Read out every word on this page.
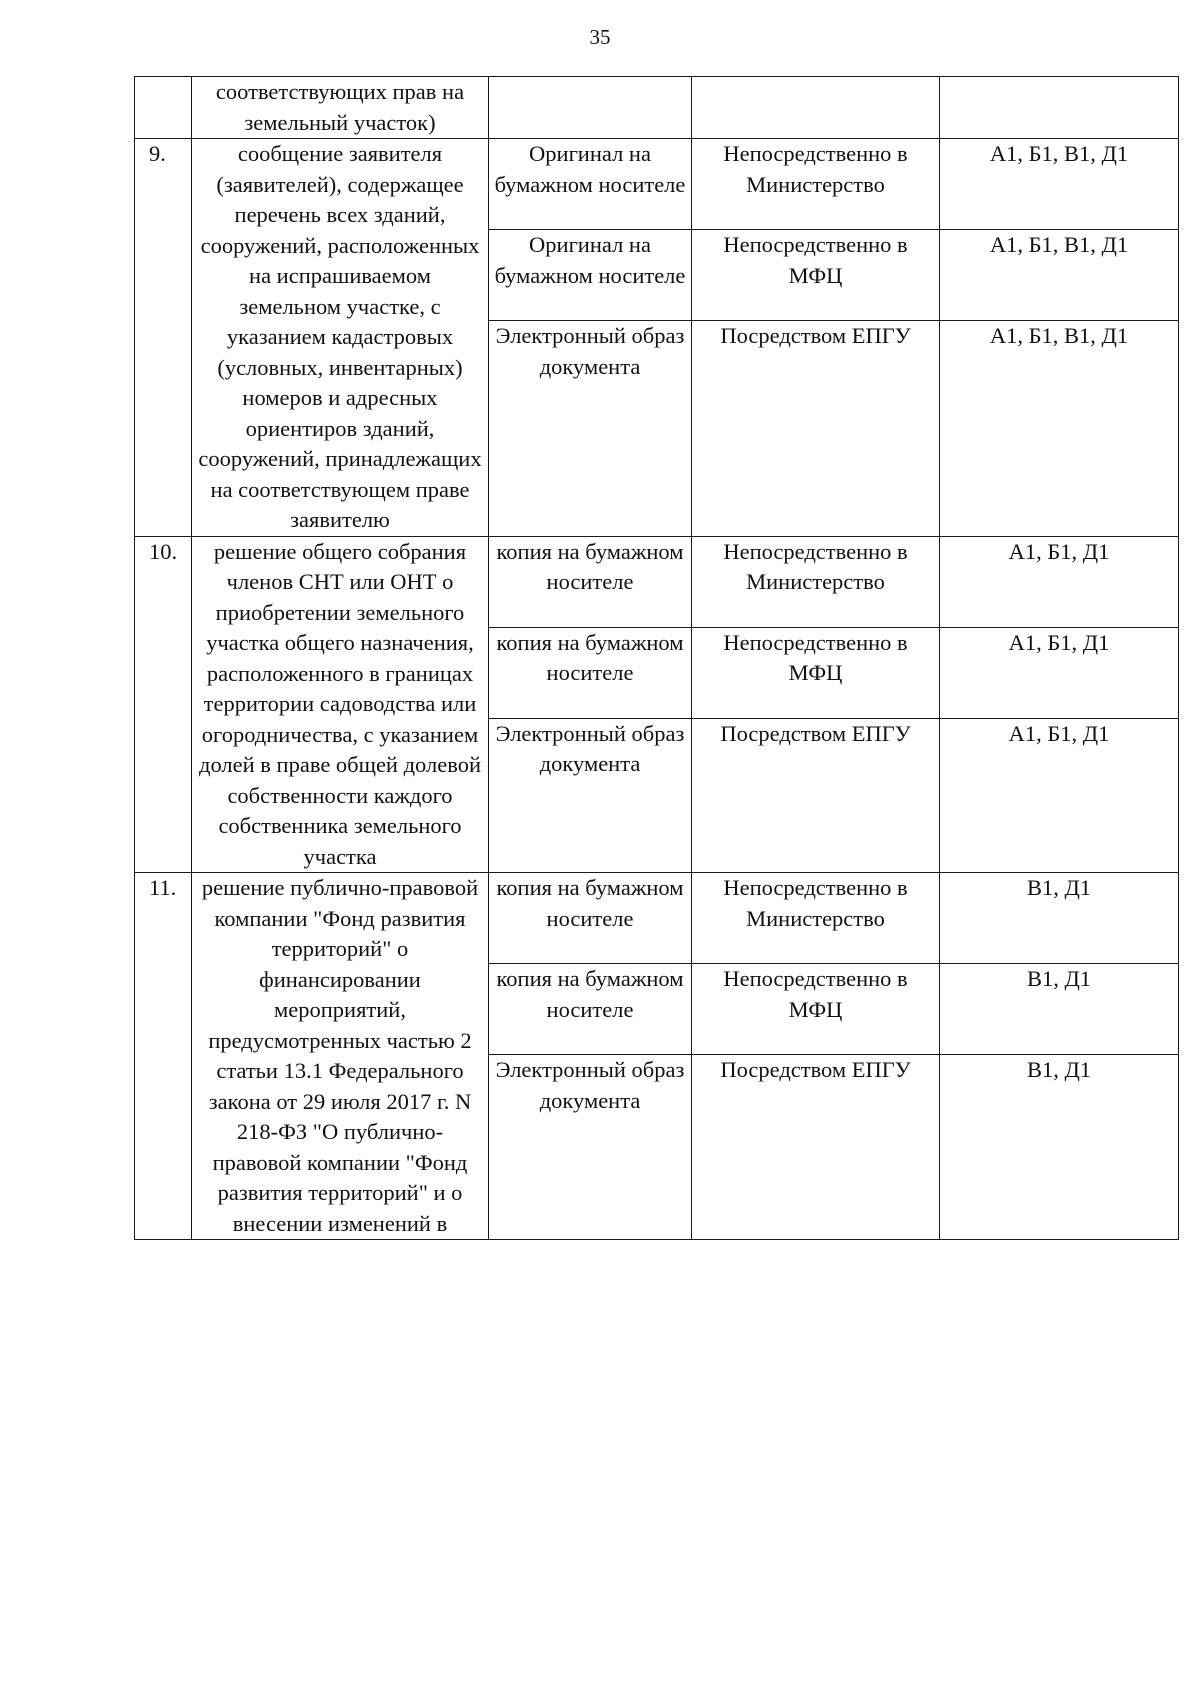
35
	соответствующих прав на земельный участок)			
9.	сообщение заявителя (заявителей), содержащее перечень всех зданий, сооружений, расположенных на испрашиваемом земельном участке, с указанием кадастровых (условных, инвентарных) номеров и адресных ориентиров зданий, сооружений, принадлежащих на соответствующем праве заявителю	Оригинал на бумажном носителе	Непосредственно в Министерство	А1, Б1, В1, Д1
		Оригинал на бумажном носителе	Непосредственно в МФЦ	А1, Б1, В1, Д1
		Электронный образ документа	Посредством ЕПГУ	А1, Б1, В1, Д1
10.	решение общего собрания членов СНТ или ОНТ о приобретении земельного участка общего назначения, расположенного в границах территории садоводства или огородничества, с указанием долей в праве общей долевой собственности каждого собственника земельного участка	копия на бумажном носителе	Непосредственно в Министерство	А1, Б1, Д1
		копия на бумажном носителе	Непосредственно в МФЦ	А1, Б1, Д1
		Электронный образ документа	Посредством ЕПГУ	А1, Б1, Д1
11.	решение публично-правовой компании "Фонд развития территорий" о финансировании мероприятий, предусмотренных частью 2 статьи 13.1 Федерального закона от 29 июля 2017 г. N 218-ФЗ "О публично-правовой компании "Фонд развития территорий" и о внесении изменений в	копия на бумажном носителе	Непосредственно в Министерство	В1, Д1
		копия на бумажном носителе	Непосредственно в МФЦ	В1, Д1
		Электронный образ документа	Посредством ЕПГУ	В1, Д1
